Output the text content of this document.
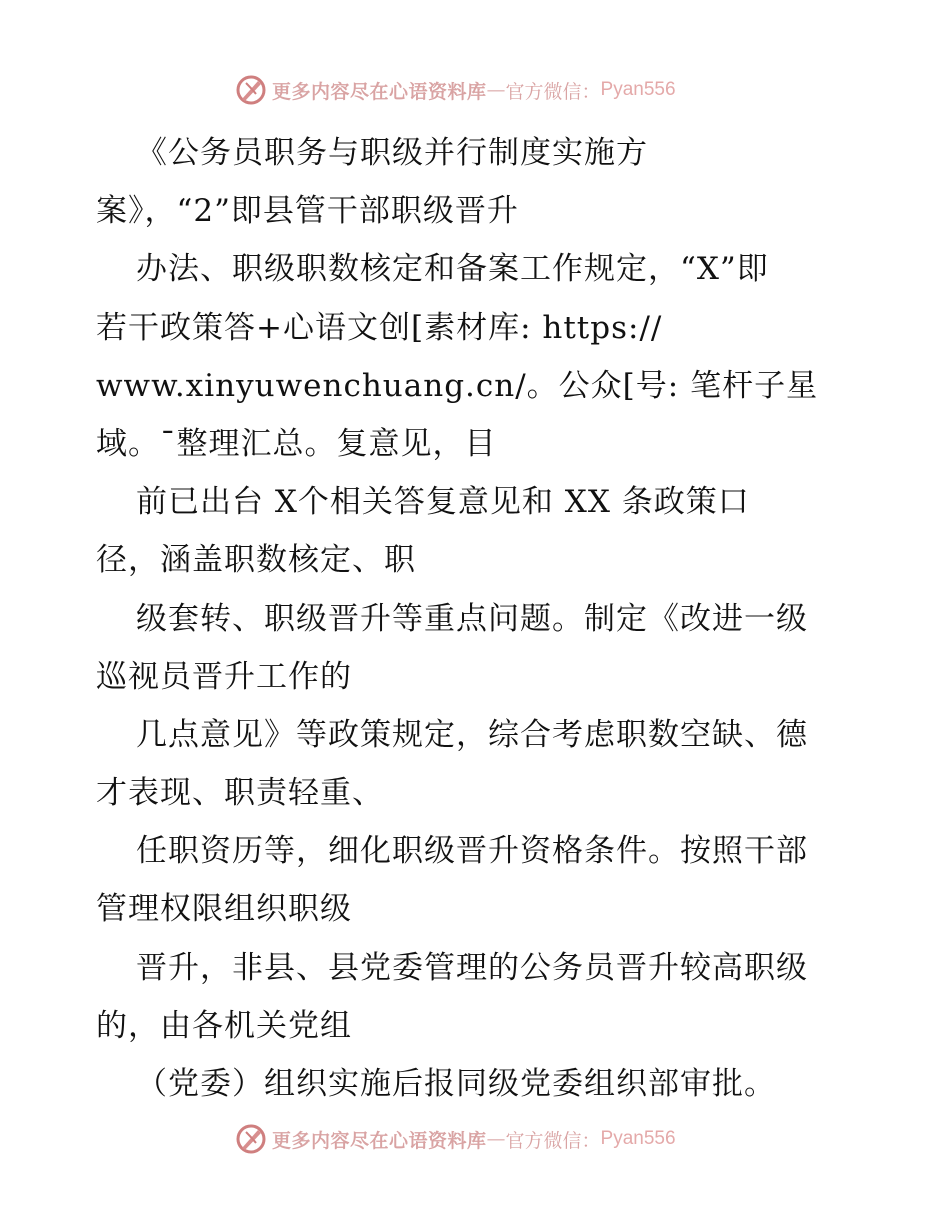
更多内容尽在心语资料库 — 官方微信： Pyan556
《公务员职务与职级并行制度实施方
案》，“2”即县管干部职级晋升
办法、职级职数核定和备案工作规定，“X”即
若干政策答+心语文创[素材库: https://
www.xinyuwenchuang.cn/。公众[号: 笔杆子星
域。¯整理汇总。复意见，目
前已出台 X个相关答复意见和 XX 条政策口
径，涵盖职数核定、职
级套转、职级晋升等重点问题。制定《改进一级
巡视员晋升工作的
几点意见》等政策规定，综合考虑职数空缺、德
才表现、职责轻重、
任职资历等，细化职级晋升资格条件。按照干部
管理权限组织职级
晋升，非县、县党委管理的公务员晋升较高职级
的，由各机关党组
（党委）组织实施后报同级党委组织部审批。
更多内容尽在心语资料库 — 官方微信： Pyan556
